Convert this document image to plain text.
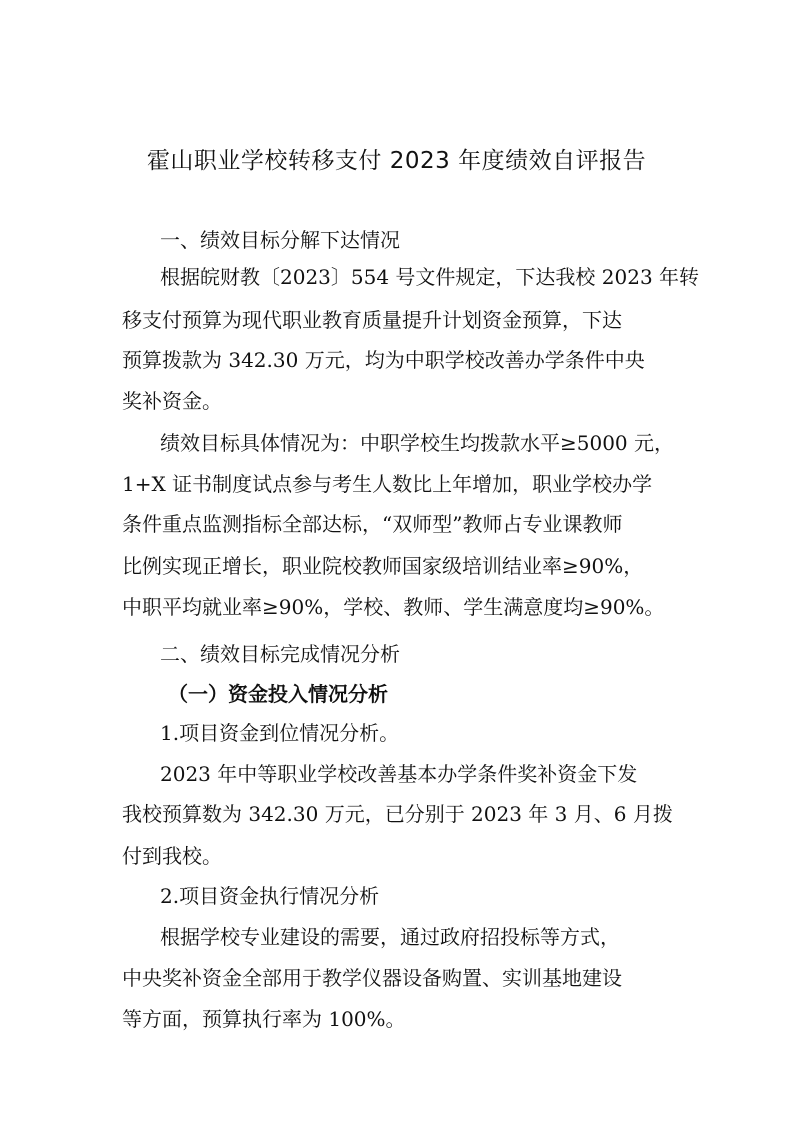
霍山职业学校转移支付 2023 年度绩效自评报告

一、绩效目标分解下达情况

根据皖财教〔2023〕554 号文件规定，下达我校 2023 年转

移支付预算为现代职业教育质量提升计划资金预算，下达

预算拨款为 342.30 万元，均为中职学校改善办学条件中央

奖补资金。

绩效目标具体情况为：中职学校生均拨款水平≥5000 元，

1+X 证书制度试点参与考生人数比上年增加，职业学校办学

条件重点监测指标全部达标，“双师型”教师占专业课教师

比例实现正增长，职业院校教师国家级培训结业率≥90%，

中职平均就业率≥90%，学校、教师、学生满意度均≥90%。

二、绩效目标完成情况分析

（一）资金投入情况分析

1.项目资金到位情况分析。

2023 年中等职业学校改善基本办学条件奖补资金下发

我校预算数为 342.30 万元，已分别于 2023 年 3 月、6 月拨

付到我校。

2.项目资金执行情况分析

根据学校专业建设的需要，通过政府招投标等方式，

中央奖补资金全部用于教学仪器设备购置、实训基地建设

等方面，预算执行率为 100%。
